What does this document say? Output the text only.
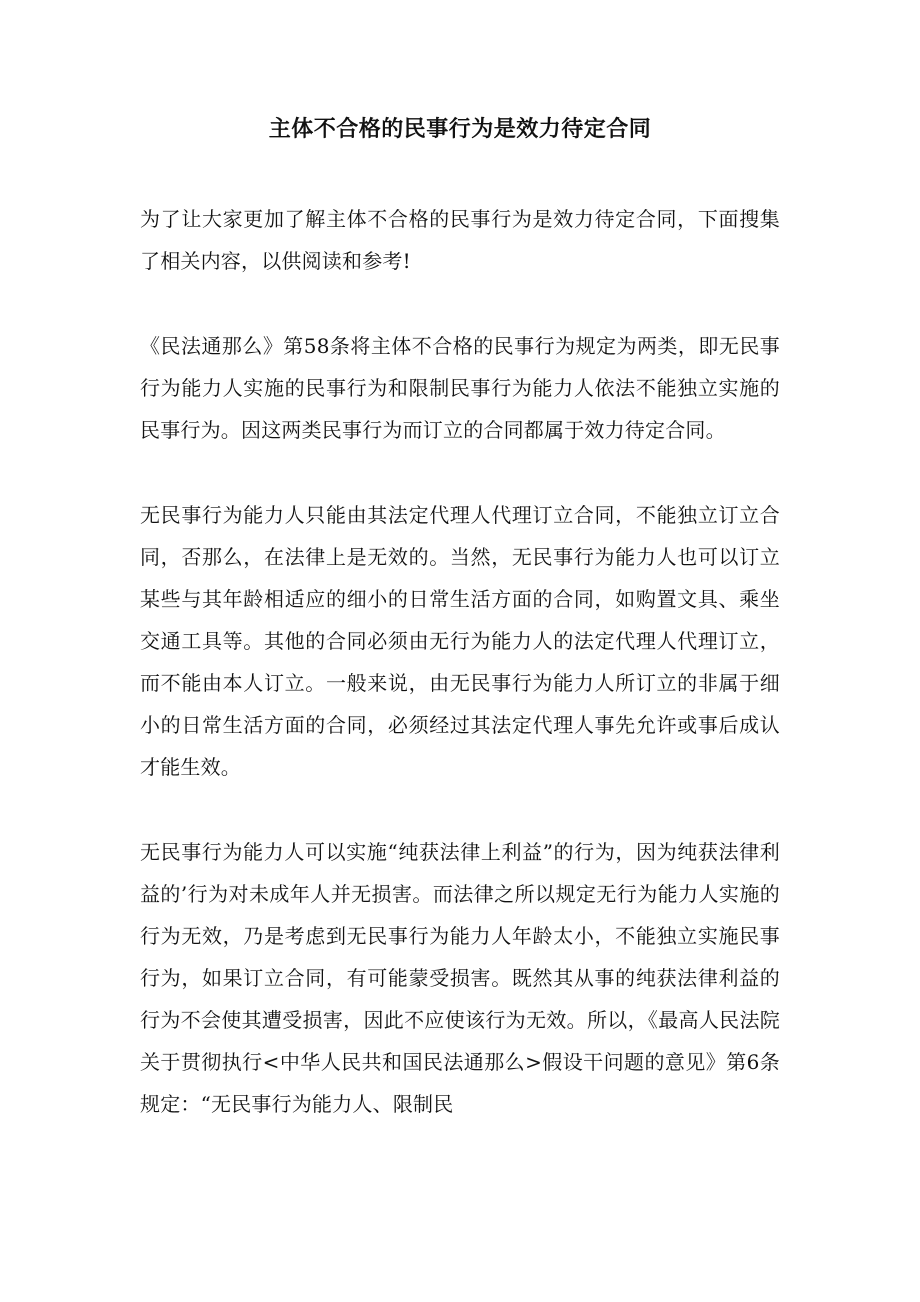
主体不合格的民事行为是效力待定合同

为了让大家更加了解主体不合格的民事行为是效力待定合同，下面搜集了相关内容，以供阅读和参考!

《民法通那么》第58条将主体不合格的民事行为规定为两类，即无民事行为能力人实施的民事行为和限制民事行为能力人依法不能独立实施的民事行为。因这两类民事行为而订立的合同都属于效力待定合同。

无民事行为能力人只能由其法定代理人代理订立合同，不能独立订立合同，否那么，在法律上是无效的。当然，无民事行为能力人也可以订立某些与其年龄相适应的细小的日常生活方面的合同，如购置文具、乘坐交通工具等。其他的合同必须由无行为能力人的法定代理人代理订立，而不能由本人订立。一般来说，由无民事行为能力人所订立的非属于细小的日常生活方面的合同，必须经过其法定代理人事先允许或事后成认才能生效。

无民事行为能力人可以实施“纯获法律上利益”的行为，因为纯获法律利益的’行为对未成年人并无损害。而法律之所以规定无行为能力人实施的行为无效，乃是考虑到无民事行为能力人年龄太小，不能独立实施民事行为，如果订立合同，有可能蒙受损害。既然其从事的纯获法律利益的行为不会使其遭受损害，因此不应使该行为无效。所以，《最高人民法院关于贯彻执行<中华人民共和国民法通那么>假设干问题的意见》第6条规定：“无民事行为能力人、限制民
